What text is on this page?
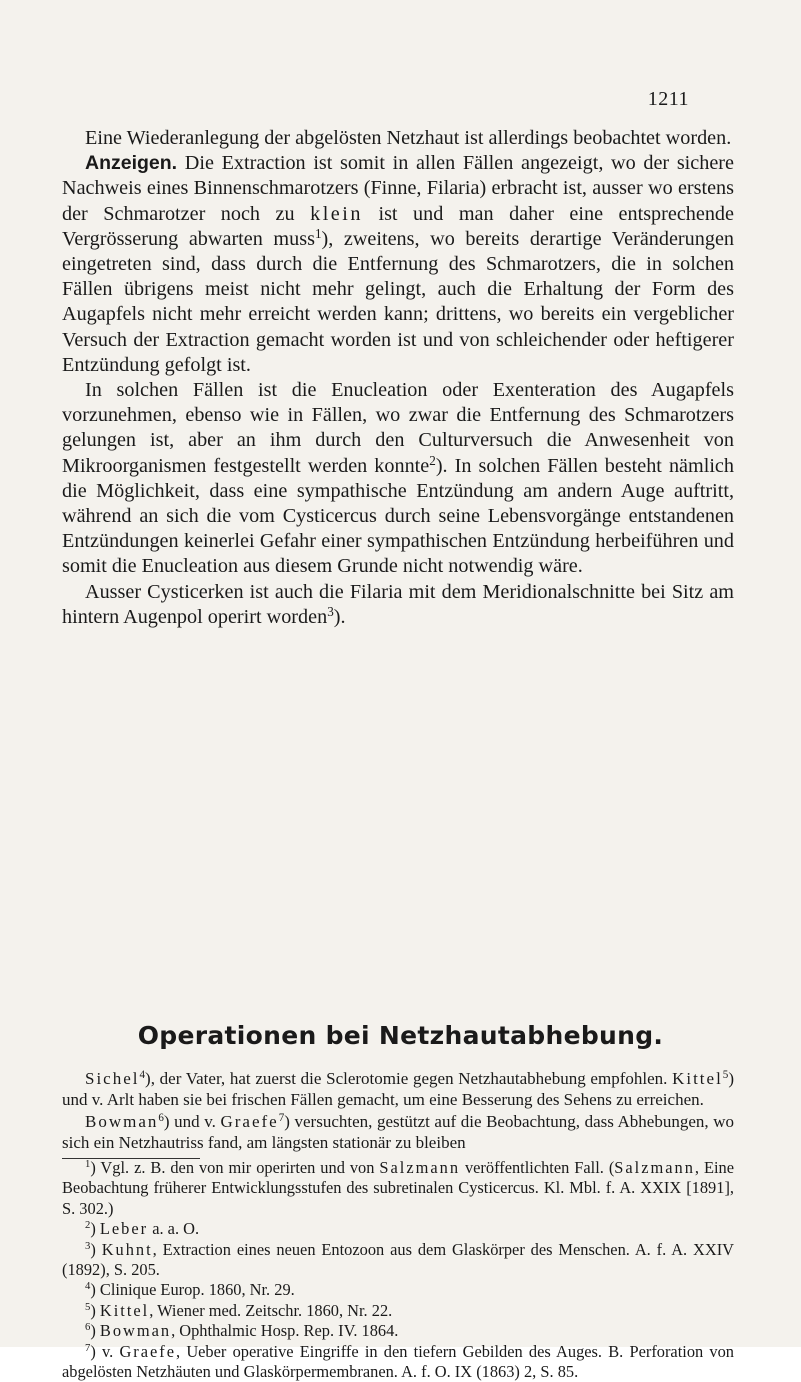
1211

Eine Wiederanlegung der abgelösten Netzhaut ist allerdings beobachtet worden.

Anzeigen. Die Extraction ist somit in allen Fällen angezeigt, wo der sichere Nachweis eines Binnenschmarotzers (Finne, Filaria) erbracht ist, ausser wo erstens der Schmarotzer noch zu klein ist und man daher eine entsprechende Vergrösserung abwarten muss$^1$), zweitens, wo bereits derartige Veränderungen eingetreten sind, dass durch die Entfernung des Schmarotzers, die in solchen Fällen übrigens meist nicht mehr gelingt, auch die Erhaltung der Form des Augapfels nicht mehr erreicht werden kann; drittens, wo bereits ein vergeblicher Versuch der Extraction gemacht worden ist und von schleichender oder heftigerer Entzündung gefolgt ist.

In solchen Fällen ist die Enucleation oder Exenteration des Augapfels vorzunehmen, ebenso wie in Fällen, wo zwar die Entfernung des Schmarotzers gelungen ist, aber an ihm durch den Culturversuch die Anwesenheit von Mikroorganismen festgestellt werden konnte$^2$). In solchen Fällen besteht nämlich die Möglichkeit, dass eine sympathische Entzündung am andern Auge auftritt, während an sich die vom Cysticercus durch seine Lebensvorgänge entstandenen Entzündungen keinerlei Gefahr einer sympathischen Entzündung herbeiführen und somit die Enucleation aus diesem Grunde nicht notwendig wäre.

Ausser Cysticerken ist auch die Filaria mit dem Meridionalschnitte bei Sitz am hintern Augenpol operirt worden$^3$).

Operationen bei Netzhautabhebung.

Sichel$^4$), der Vater, hat zuerst die Sclerotomie gegen Netzhautabhebung empfohlen. Kittel$^5$) und v. Arlt haben sie bei frischen Fällen gemacht, um eine Besserung des Sehens zu erreichen.

Bowman$^6$) und v. Graefe$^7$) versuchten, gestützt auf die Beobachtung, dass Abhebungen, wo sich ein Netzhautriss fand, am längsten stationär zu bleiben

$^1$) Vgl. z. B. den von mir operirten und von Salzmann veröffentlichten Fall. (Salzmann, Eine Beobachtung früherer Entwicklungsstufen des subretinalen Cysticercus. Kl. Mbl. f. A. XXIX [1891], S. 302.)

$^2$) Leber a. a. O.

$^3$) Kuhnt, Extraction eines neuen Entozoon aus dem Glaskörper des Menschen. A. f. A. XXIV (1892), S. 205.

$^4$) Clinique Europ. 1860, Nr. 29.

$^5$) Kittel, Wiener med. Zeitschr. 1860, Nr. 22.

$^6$) Bowman, Ophthalmic Hosp. Rep. IV. 1864.

$^7$) v. Graefe, Ueber operative Eingriffe in den tiefern Gebilden des Auges. B. Perforation von abgelösten Netzhäuten und Glaskörpermembranen. A. f. O. IX (1863) 2, S. 85.
